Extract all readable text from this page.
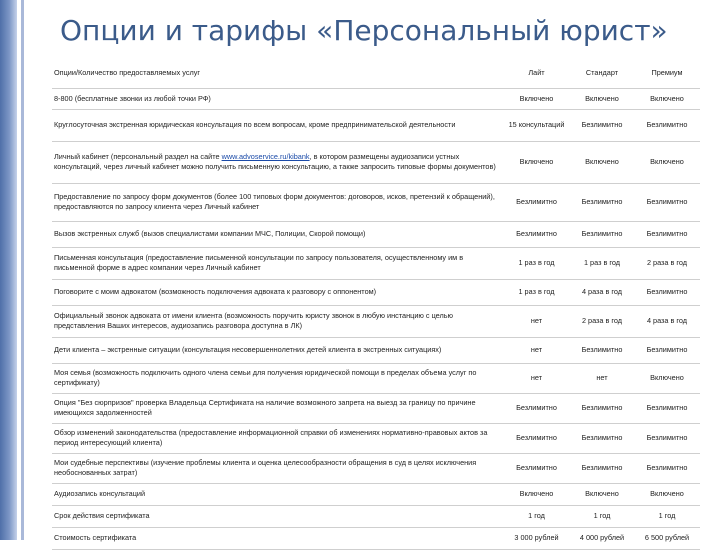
Опции и тарифы «Персональный юрист»
Опции/Количество предоставляемых услуг	Лайт	Стандарт	Премиум
8-800 (бесплатные звонки из любой точки РФ)	Включено	Включено	Включено
Круглосуточная экстренная юридическая консультация по всем вопросам, кроме предпринимательской деятельности	15 консультаций	Безлимитно	Безлимитно
Личный кабинет (персональный раздел на сайте www.advoservice.ru/kibank, в котором размещены аудиозаписи устных консультаций, через личный кабинет можно получить письменную консультацию, а также запросить типовые формы документов)	Включено	Включено	Включено
Предоставление по запросу форм документов (более 100 типовых форм документов: договоров, исков, претензий к обращений), предоставляются по запросу клиента через Личный кабинет	Безлимитно	Безлимитно	Безлимитно
Вызов экстренных служб (вызов специалистами компании МЧС, Полиции, Скорой помощи)	Безлимитно	Безлимитно	Безлимитно
Письменная консультация (предоставление письменной консультации по запросу пользователя, осуществленному им в письменной форме в адрес компании через Личный кабинет	1 раз в год	1 раз в год	2 раза в год
Поговорите с моим адвокатом (возможность подключения адвоката к разговору с оппонентом)	1 раз в год	4 раза в год	Безлимитно
Официальный звонок адвоката от имени клиента (возможность поручить юристу звонок в любую инстанцию с целью представления Ваших интересов, аудиозапись разговора доступна в ЛК)	нет	2 раза в год	4 раза в год
Дети клиента – экстренные ситуации (консультация несовершеннолетних детей клиента в экстренных ситуациях)	нет	Безлимитно	Безлимитно
Моя семья (возможность подключить одного члена семьи для получения юридической помощи в пределах объема услуг по сертификату)	нет	нет	Включено
Опция "Без сюрпризов" проверка Владельца Сертификата на наличие возможного запрета на выезд за границу по причине имеющихся задолженностей	Безлимитно	Безлимитно	Безлимитно
Обзор изменений законодательства (предоставление информационной справки об изменениях нормативно-правовых актов за период интересующий клиента)	Безлимитно	Безлимитно	Безлимитно
Мои судебные перспективы (изучение проблемы клиента и оценка целесообразности обращения в суд в целях исключения необоснованных затрат)	Безлимитно	Безлимитно	Безлимитно
Аудиозапись консультаций	Включено	Включено	Включено
Срок действия сертификата	1 год	1 год	1 год
Стоимость сертификата	3 000 рублей	4 000 рублей	6 500 рублей
